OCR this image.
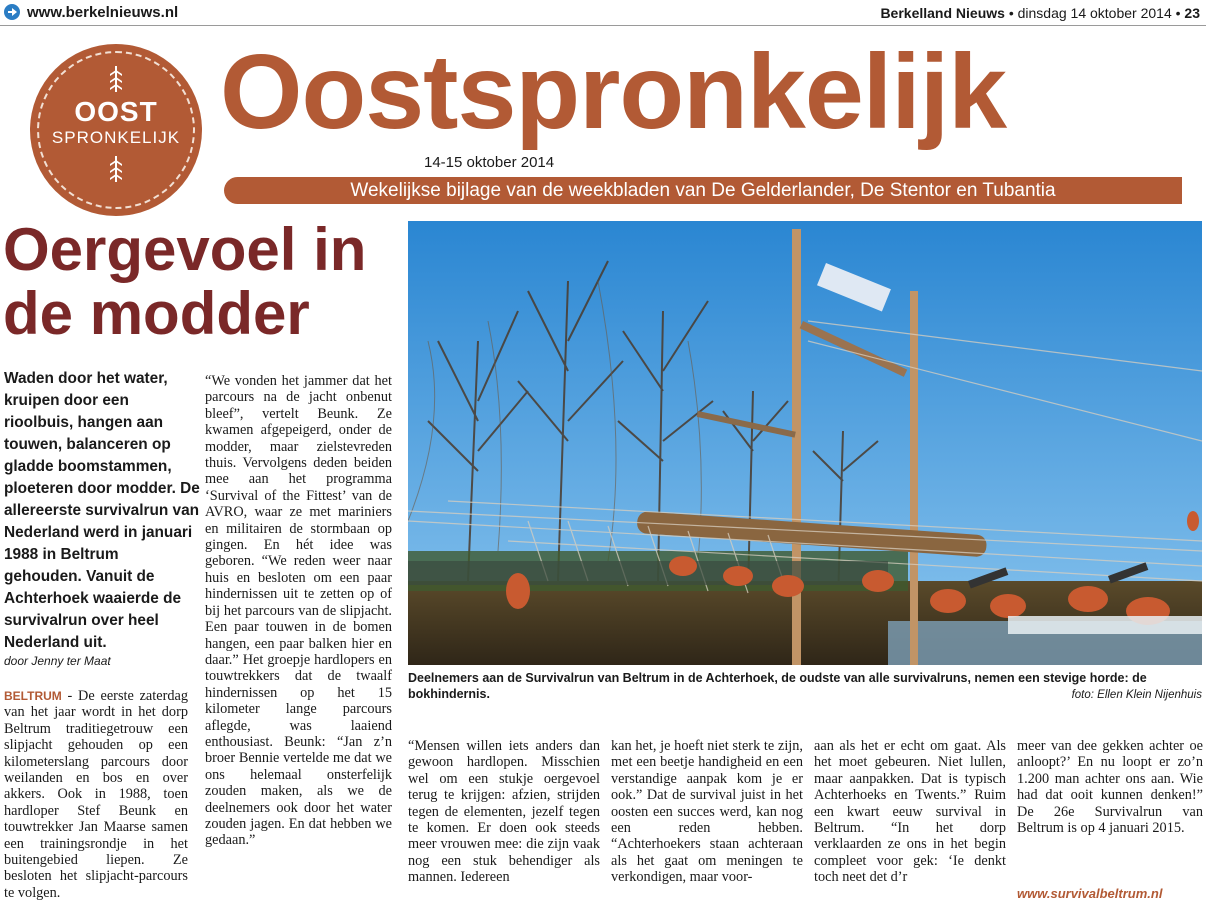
www.berkelnieuws.nl	Berkelland Nieuws • dinsdag 14 oktober 2014 • 23
OOST
SPRONKELIJK Oostspronkelijk
14-15 oktober 2014
Wekelijkse bijlage van de weekbladen van De Gelderlander, De Stentor en Tubantia
Oergevoel in de modder
Waden door het water, kruipen door een rioolbuis, hangen aan touwen, balanceren op gladde boomstammen, ploeteren door modder. De allereerste survivalrun van Nederland werd in januari 1988 in Beltrum gehouden. Vanuit de Achterhoek waaierde de survivalrun over heel Nederland uit.
door Jenny ter Maat
BELTRUM - De eerste zaterdag van het jaar wordt in het dorp Beltrum traditiegetrouw een slipjacht gehouden op een kilometerslang parcours door weilanden en bos en over akkers. Ook in 1988, toen hardloper Stef Beunk en touwtrekker Jan Maarse samen een trainingsrondje in het buitengebied liepen. Ze besloten het slipjacht-parcours te volgen.
“We vonden het jammer dat het parcours na de jacht onbenut bleef”, vertelt Beunk. Ze kwamen afgepeigerd, onder de modder, maar zielstevreden thuis. Vervolgens deden beiden mee aan het programma ‘Survival of the Fittest’ van de AVRO, waar ze met mariniers en militairen de stormbaan op gingen. En hét idee was geboren. “We reden weer naar huis en besloten om een paar hindernissen uit te zetten op of bij het parcours van de slipjacht. Een paar touwen in de bomen hangen, een paar balken hier en daar.” Het groepje hardlopers en touwtrekkers dat de twaalf hindernissen op het 15 kilometer lange parcours aflegde, was laaiend enthousiast. Beunk: “Jan z’n broer Bennie vertelde me dat we ons helemaal onsterfelijk zouden maken, als we de deelnemers ook door het water zouden jagen. En dat hebben we gedaan.”
“Mensen willen iets anders dan gewoon hardlopen. Misschien wel om een stukje oergevoel terug te krijgen: afzien, strijden tegen de elementen, jezelf tegen te komen. Er doen ook steeds meer vrouwen mee: die zijn vaak nog een stuk behendiger als mannen. Iedereen
kan het, je hoeft niet sterk te zijn, met een beetje handigheid en een verstandige aanpak kom je er ook.” Dat de survival juist in het oosten een succes werd, kan nog een reden hebben. “Achterhoekers staan achteraan als het gaat om meningen te verkondigen, maar voor-
aan als het er echt om gaat. Als het moet gebeuren. Niet lullen, maar aanpakken. Dat is typisch Achterhoeks en Twents.” Ruim een kwart eeuw survival in Beltrum. “In het dorp verklaarden ze ons in het begin compleet voor gek: ‘Ie denkt toch neet det d’r
meer van dee gekken achter oe anloopt?’ En nu loopt er zo’n 1.200 man achter ons aan. Wie had dat ooit kunnen denken!” De 26e Survivalrun van Beltrum is op 4 januari 2015.
www.survivalbeltrum.nl
Deelnemers aan de Survivalrun van Beltrum in de Achterhoek, de oudste van alle survivalruns, nemen een stevige horde: de bokhindernis.	foto: Ellen Klein Nijenhuis
